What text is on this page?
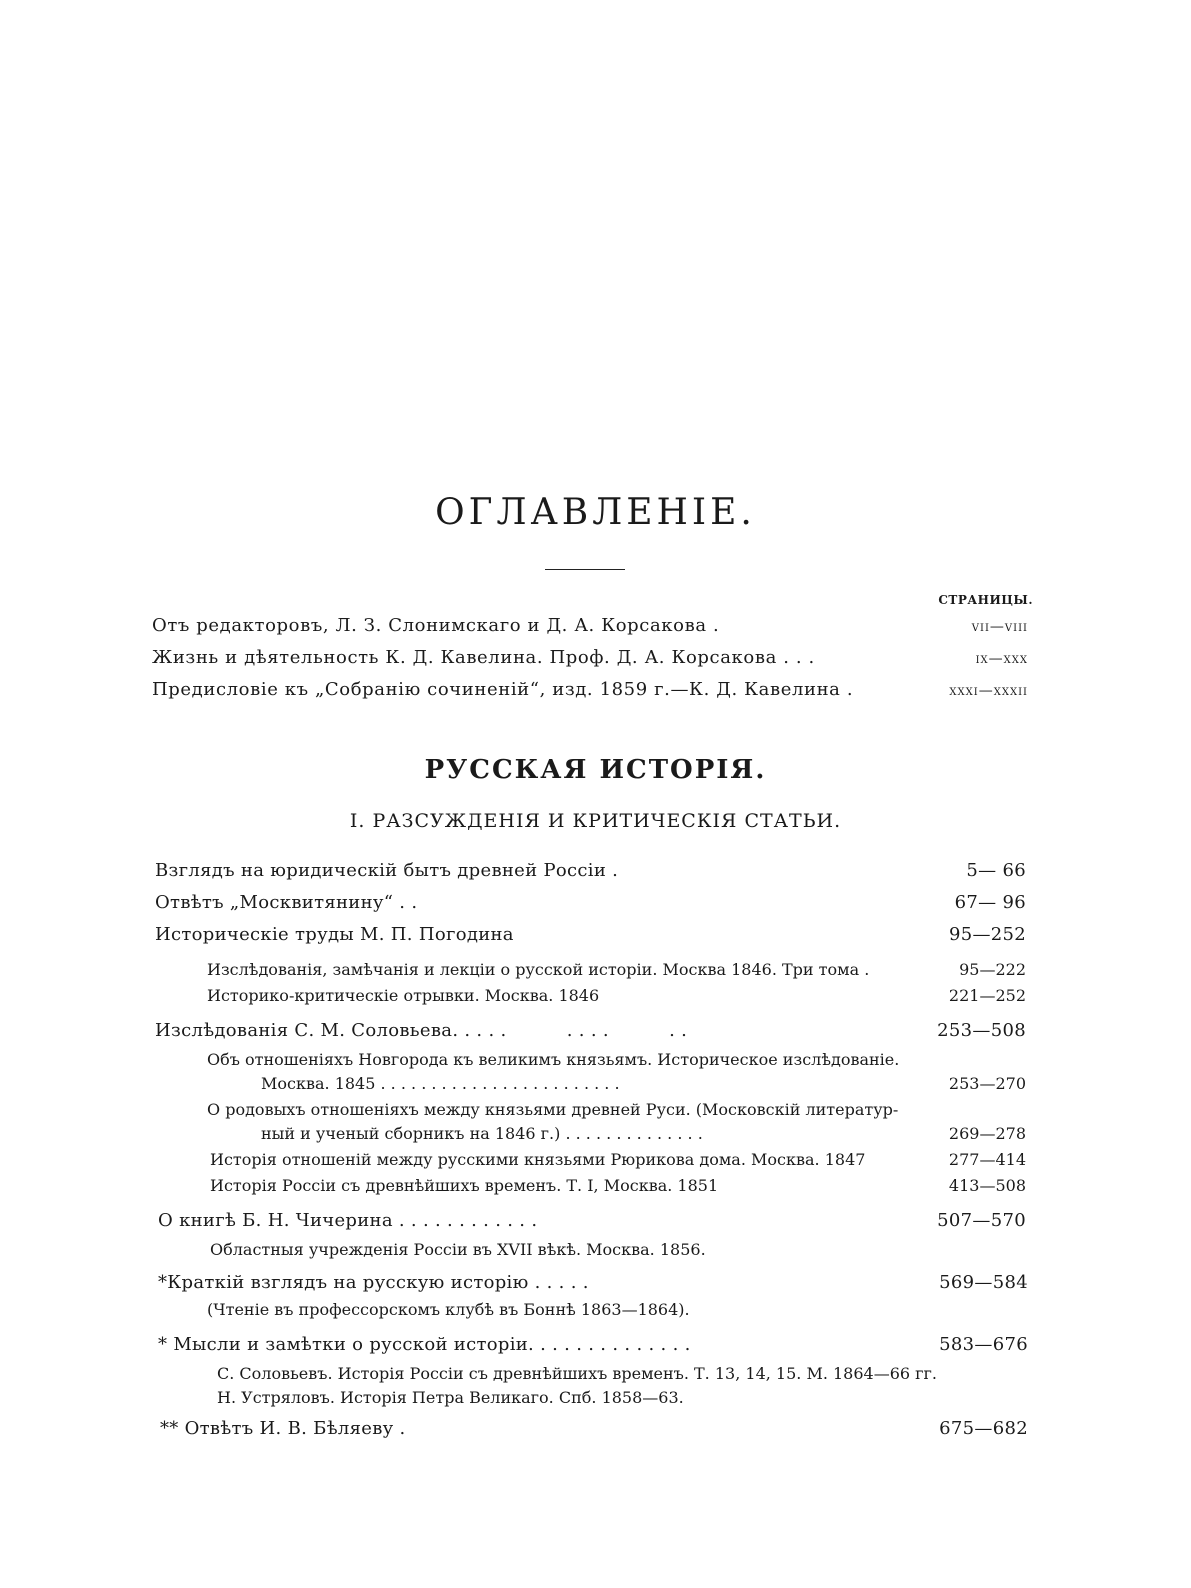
ОГЛАВЛЕНІЕ.
СТРАНИЦЫ.
Отъ редакторовъ, Л. З. Слонимскаго и Д. А. Корсакова .	vii—viii
Жизнь и дѣятельность К. Д. Кавелина. Проф. Д. А. Корсакова . . .	ix—xxx
Предисловіе къ „Собранію сочиненій“, изд. 1859 г.—К. Д. Кавелина .	xxxi—xxxii
РУССКАЯ ИСТОРІЯ.
I. РАЗСУЖДЕНІЯ И КРИТИЧЕСКІЯ СТАТЬИ.
Взглядъ на юридическій бытъ древней Россіи .	5— 66
Отвѣтъ „Москвитянину“ . .	67— 96
Историческіе труды М. П. Погодина	95—252
Изслѣдованія, замѣчанія и лекціи о русской исторіи. Москва 1846. Три тома .	95—222
Историко-критическіе отрывки. Москва. 1846	221—252
Изслѣдованія С. М. Соловьева. . . . .          . . . .          . .	253—508
Объ отношеніяхъ Новгорода къ великимъ князьямъ. Историческое изслѣдованіе.
Москва. 1845 . . . . . . . . . . . . . . . . . . . . . . . .	253—270
О родовыхъ отношеніяхъ между князьями древней Руси. (Московскій литератур-
ный и ученый сборникъ на 1846 г.) . . . . . . . . . . . . . .	269—278
Исторія отношеній между русскими князьями Рюрикова дома. Москва. 1847	277—414
Исторія Россіи съ древнѣйшихъ временъ. Т. I, Москва. 1851	413—508
О книгѣ Б. Н. Чичерина . . . . . . . . . . . .	507—570
Областныя учрежденія Россіи въ XVII вѣкѣ. Москва. 1856.
*Краткій взглядъ на русскую исторію . . . . .	569—584
(Чтеніе въ профессорскомъ клубѣ въ Боннѣ 1863—1864).
* Мысли и замѣтки о русской исторіи. . . . . . . . . . . . . .	583—676
С. Соловьевъ. Исторія Россіи съ древнѣйшихъ временъ. Т. 13, 14, 15. М. 1864—66 гг.
Н. Устряловъ. Исторія Петра Великаго. Спб. 1858—63.
** Отвѣтъ И. В. Бѣляеву .	675—682
